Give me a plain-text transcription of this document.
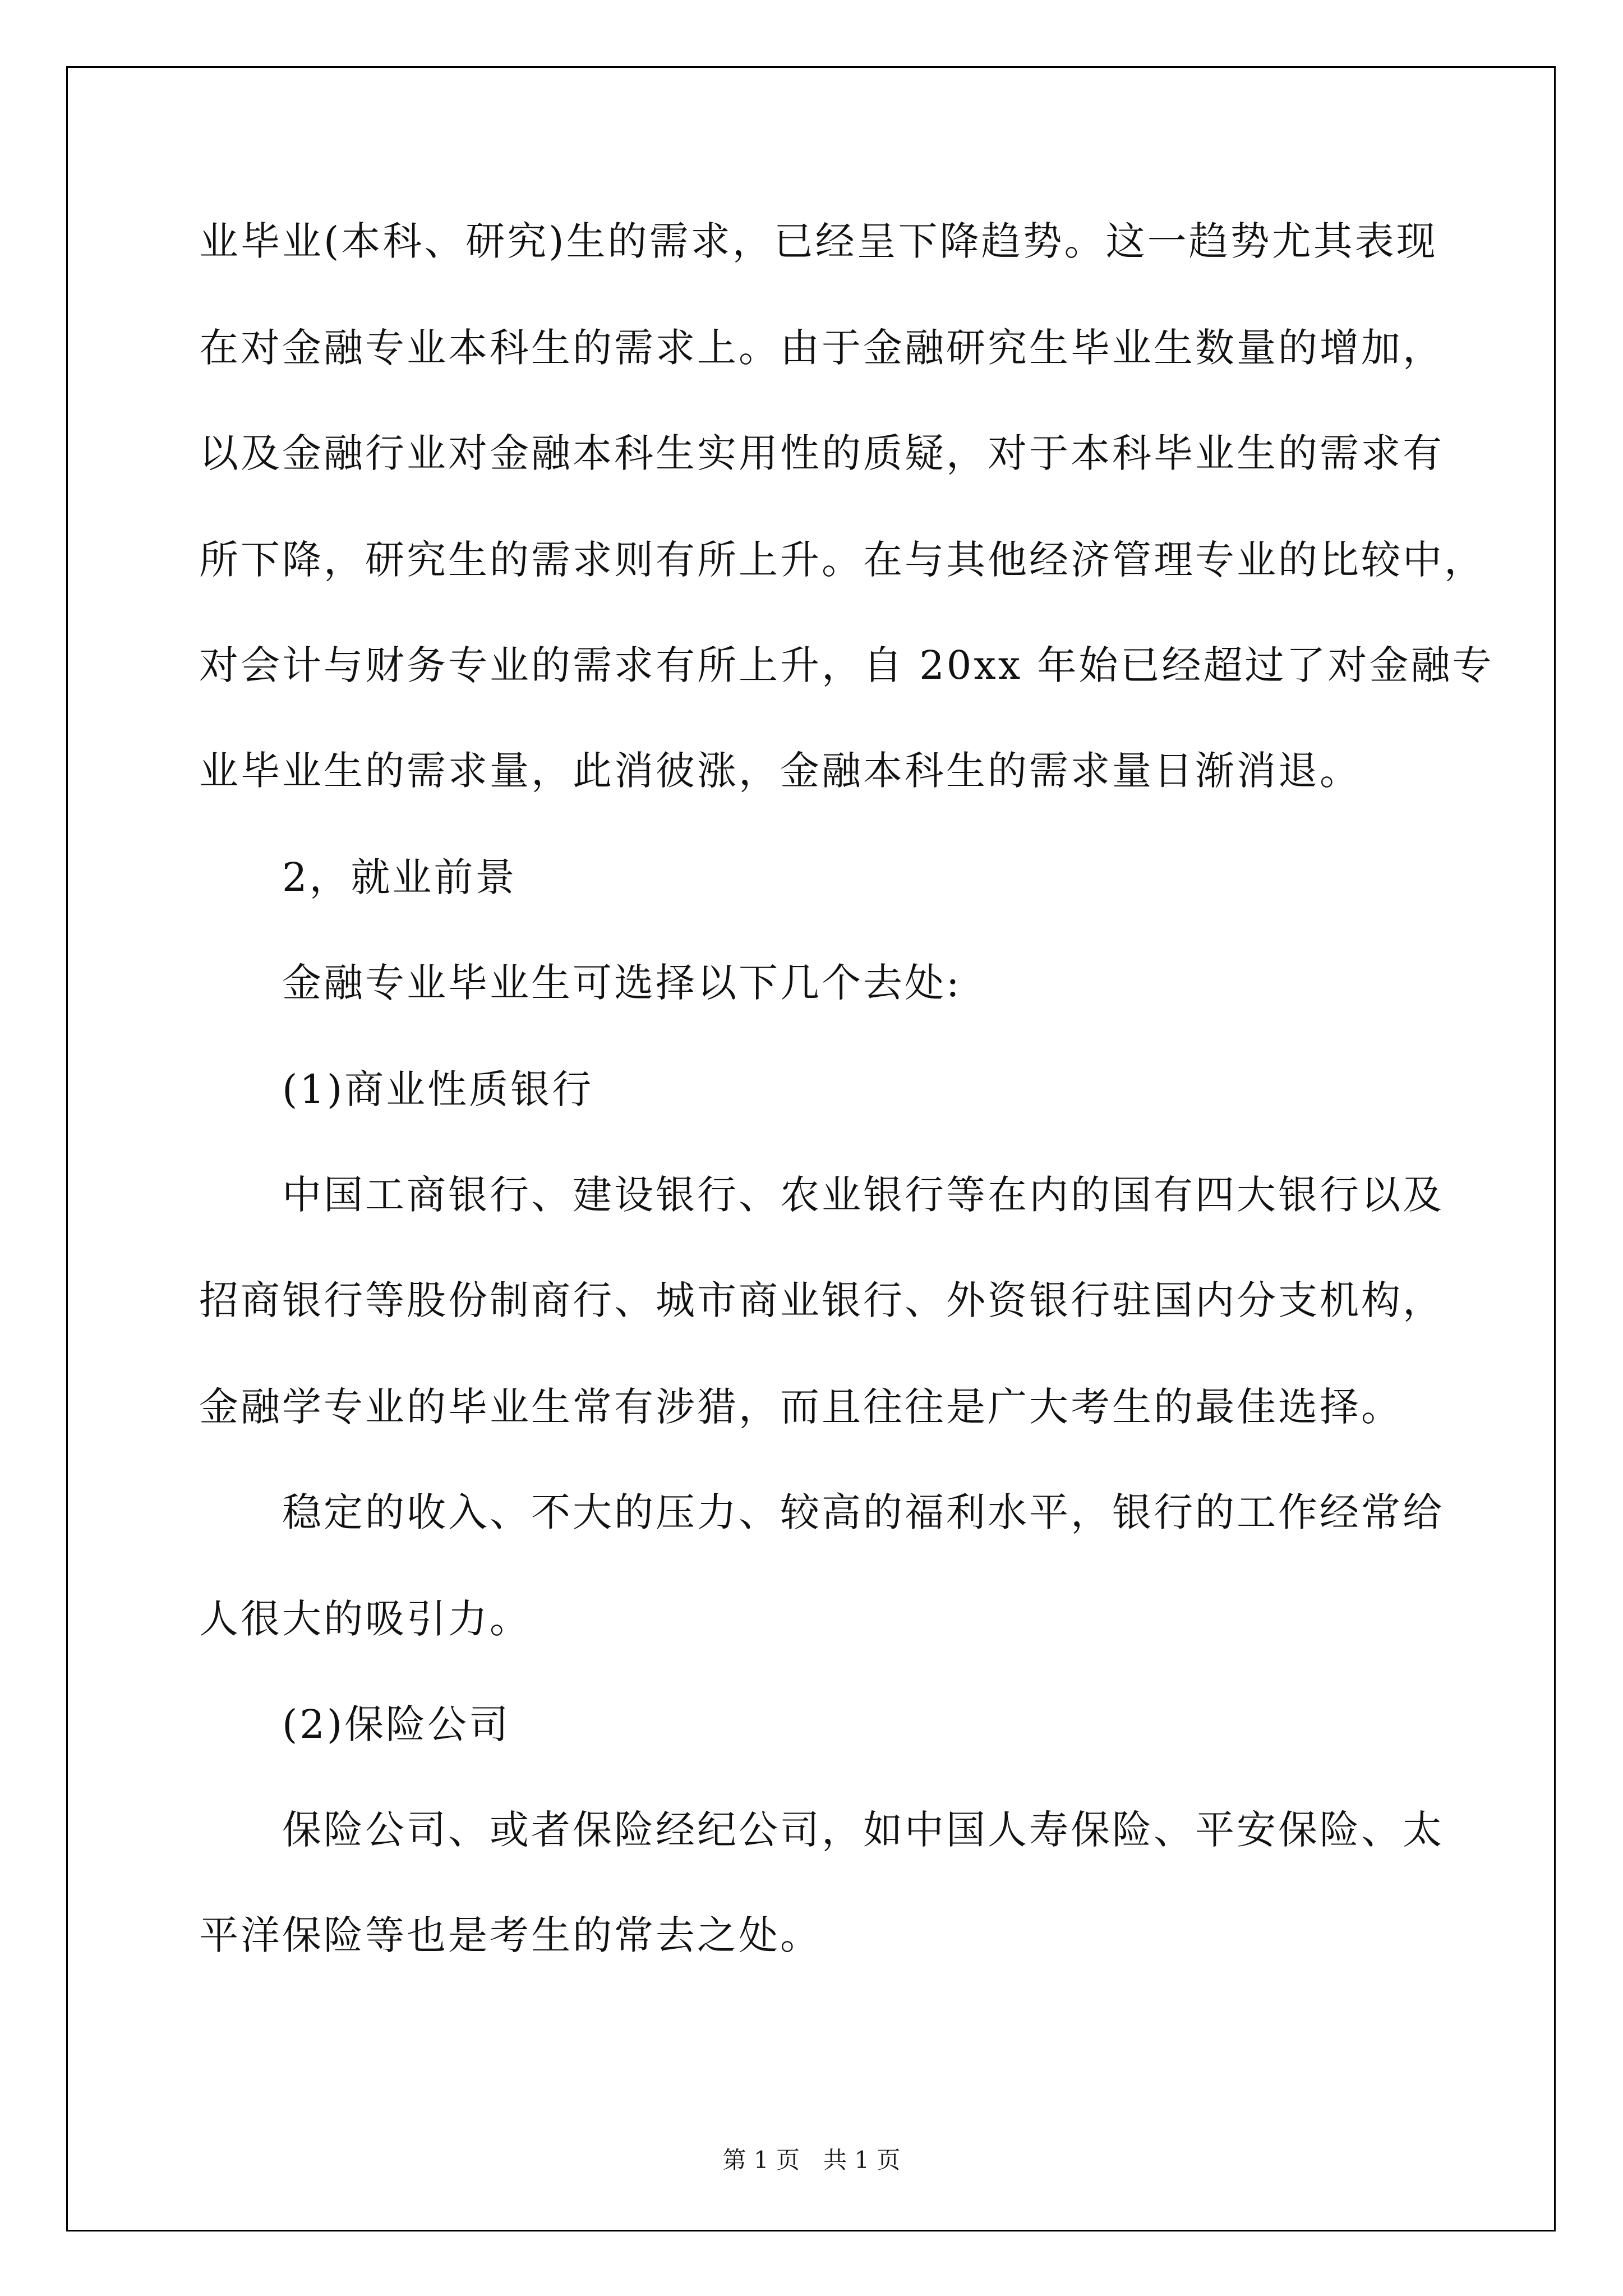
业毕业(本科、研究)生的需求，已经呈下降趋势。这一趋势尤其表现
在对金融专业本科生的需求上。由于金融研究生毕业生数量的增加，
以及金融行业对金融本科生实用性的质疑，对于本科毕业生的需求有
所下降，研究生的需求则有所上升。在与其他经济管理专业的比较中，
对会计与财务专业的需求有所上升，自 20xx 年始已经超过了对金融专
业毕业生的需求量，此消彼涨，金融本科生的需求量日渐消退。
2，就业前景
金融专业毕业生可选择以下几个去处:
(1)商业性质银行
中国工商银行、建设银行、农业银行等在内的国有四大银行以及
招商银行等股份制商行、城市商业银行、外资银行驻国内分支机构，
金融学专业的毕业生常有涉猎，而且往往是广大考生的最佳选择。
稳定的收入、不大的压力、较高的福利水平，银行的工作经常给
人很大的吸引力。
(2)保险公司
保险公司、或者保险经纪公司，如中国人寿保险、平安保险、太
平洋保险等也是考生的常去之处。
第 1 页　共 1 页
